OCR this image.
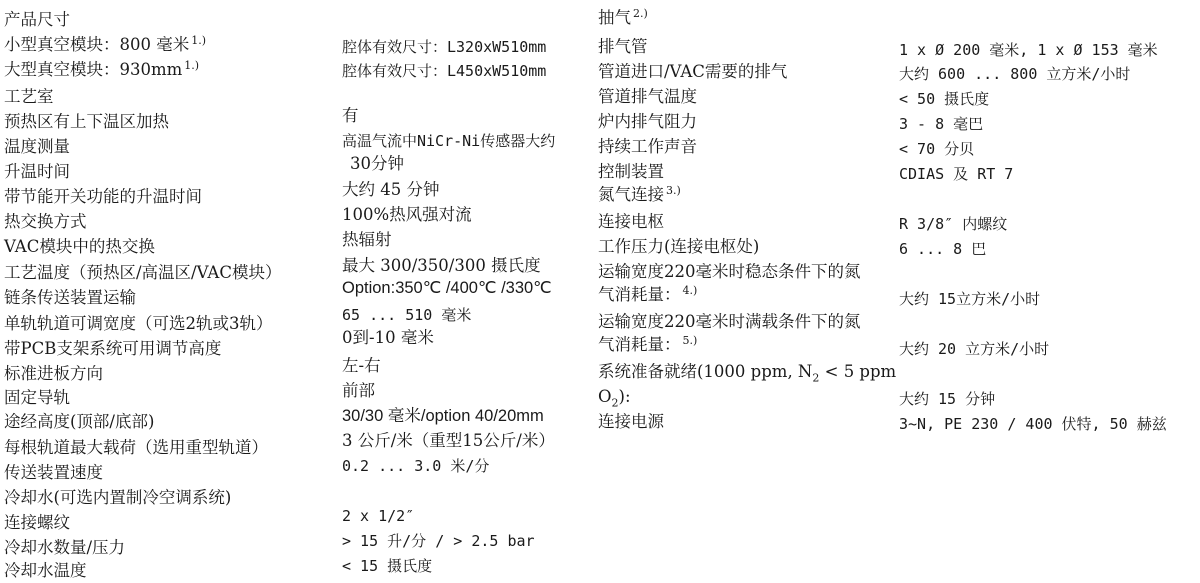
产品尺寸
小型真空模块：800 毫米 $^{1.)}$
大型真空模块：930mm $^{1.)}$
工艺室
预热区有上下温区加热
温度测量
升温时间
带节能开关功能的升温时间
热交换方式
VAC模块中的热交换
工艺温度（预热区/高温区/VAC模块）
链条传送装置运输
单轨轨道可调宽度（可选2轨或3轨）
带PCB支架系统可用调节高度
标准进板方向
固定导轨
途经高度(顶部/底部)
每根轨道最大载荷（选用重型轨道）
传送装置速度
冷却水(可选内置制冷空调系统)
连接螺纹
冷却水数量/压力
冷却水温度
腔体有效尺寸：L320xW510mm
腔体有效尺寸：L450xW510mm
有
高温气流中NiCr-Ni传感器大约
30分钟
大约 45 分钟
100%热风强对流
热辐射
最大 300/350/300 摄氏度
Option:350℃ /400℃ /330℃
65 ... 510 毫米
0到-10 毫米
左-右
前部
30/30 毫米/option 40/20mm
3 公斤/米（重型15公斤/米）
0.2 ... 3.0 米/分
2 x 1/2″
> 15 升/分 / > 2.5 bar
< 15 摄氏度
抽气 $^{2.)}$
排气管
管道进口/VAC需要的排气
管道排气温度
炉内排气阻力
持续工作声音
控制装置
氮气连接 $^{3.)}$
连接电枢
工作压力(连接电枢处)
运输宽度220毫米时稳态条件下的氮
气消耗量： $^{4.)}$
运输宽度220毫米时满载条件下的氮
气消耗量： $^{5.)}$
系统准备就绪(1000 ppm, $N_2 < 5$ ppm
$O_2$):
连接电源
1 x Ø 200 毫米, 1 x Ø 153 毫米
大约 600 ... 800 立方米/小时
< 50 摄氏度
3 - 8 毫巴
< 70 分贝
CDIAS 及 RT 7
R 3/8″ 内螺纹
6 ... 8 巴
大约 15立方米/小时
大约 20 立方米/小时
大约 15 分钟
3~N, PE 230 / 400 伏特, 50 赫兹
